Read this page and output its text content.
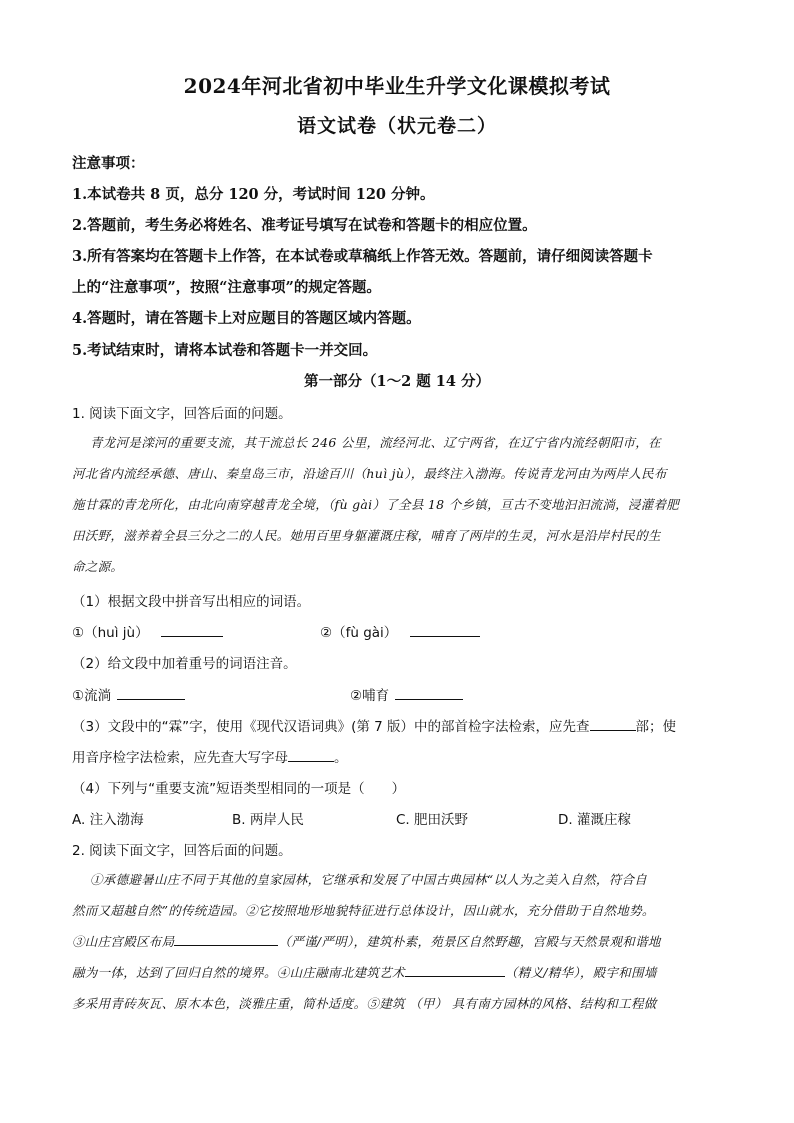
2024年河北省初中毕业生升学文化课模拟考试
语文试卷（状元卷二）
注意事项：
1.本试卷共 8 页，总分 120 分，考试时间 120 分钟。
2.答题前，考生务必将姓名、准考证号填写在试卷和答题卡的相应位置。
3.所有答案均在答题卡上作答，在本试卷或草稿纸上作答无效。答题前，请仔细阅读答题卡
上的“注意事项”，按照“注意事项”的规定答题。
4.答题时，请在答题卡上对应题目的答题区域内答题。
5.考试结束时，请将本试卷和答题卡一并交回。
第一部分（1～2 题 14 分）
1. 阅读下面文字，回答后面的问题。
青龙河是滦河的重要支流，其干流总长 246 公里，流经河北、辽宁两省，在辽宁省内流经朝阳市，在
河北省内流经承德、唐山、秦皇岛三市，沿途百川（huì jù），最终注入渤海。传说青龙河由为两岸人民布
施甘霖的青龙所化，由北向南穿越青龙全境，（fù gài）了全县 18 个乡镇，亘古不变地汩汩流淌，浸灌着肥
田沃野，滋养着全县三分之二的人民。她用百里身躯灌溉庄稼，哺育了两岸的生灵，河水是沿岸村民的生
命之源。
（1）根据文段中拼音写出相应的词语。
①（huì jù）	②（fù gài）
（2）给文段中加着重号的词语注音。
①流淌	②哺育
（3）文段中的“霖”字，使用《现代汉语词典》(第 7 版）中的部首检字法检索，应先查	部；使
用音序检字法检索，应先查大写字母	。
（4）下列与“重要支流”短语类型相同的一项是（　　）
A. 注入渤海	B. 两岸人民	C. 肥田沃野	D. 灌溉庄稼
2. 阅读下面文字，回答后面的问题。
①承德避暑山庄不同于其他的皇家园林，它继承和发展了中国古典园林“以人为之美入自然，符合自
然而又超越自然”的传统造园。②它按照地形地貌特征进行总体设计，因山就水，充分借助于自然地势。
③山庄宫殿区布局	（严谨/严明），建筑朴素，苑景区自然野趣，宫殿与天然景观和谐地
融为一体，达到了回归自然的境界。④山庄融南北建筑艺术	（精义/精华），殿宇和围墙
多采用青砖灰瓦、原木本色，淡雅庄重，简朴适度。⑤建筑 （甲） 具有南方园林的风格、结构和工程做
